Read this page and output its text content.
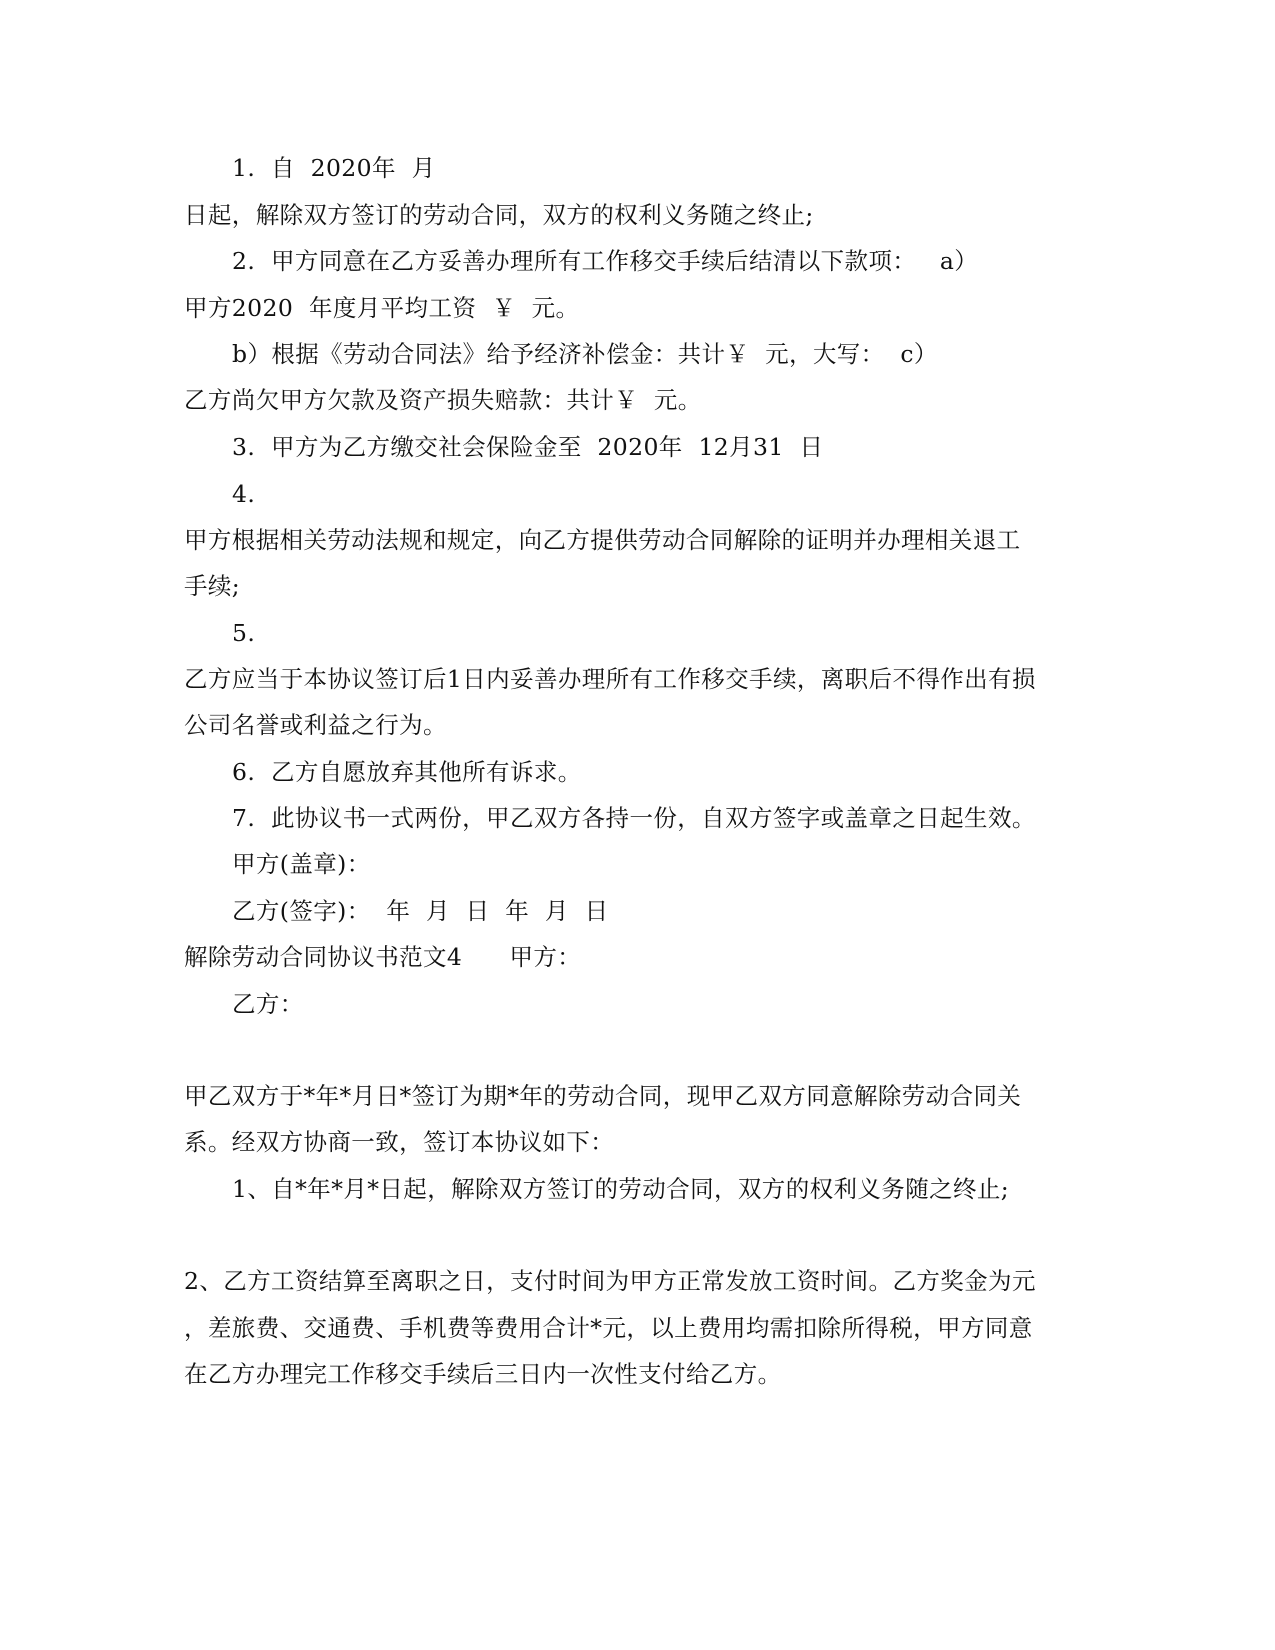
1.  自  2020年  月
日起，解除双方签订的劳动合同，双方的权利义务随之终止;
2.  甲方同意在乙方妥善办理所有工作移交手续后结清以下款项：   a）
甲方2020  年度月平均工资  ￥  元。
b）根据《劳动合同法》给予经济补偿金：共计￥  元，大写：  c）
乙方尚欠甲方欠款及资产损失赔款：共计￥  元。
3.  甲方为乙方缴交社会保险金至  2020年  12月31  日
4.
甲方根据相关劳动法规和规定，向乙方提供劳动合同解除的证明并办理相关退工
手续;
5.
乙方应当于本协议签订后1日内妥善办理所有工作移交手续，离职后不得作出有损
公司名誉或利益之行为。
6.  乙方自愿放弃其他所有诉求。
7.  此协议书一式两份，甲乙双方各持一份，自双方签字或盖章之日起生效。
甲方(盖章)：
乙方(签字)：  年  月  日  年  月  日
解除劳动合同协议书范文4      甲方：
乙方：
甲乙双方于*年*月日*签订为期*年的劳动合同，现甲乙双方同意解除劳动合同关
系。经双方协商一致，签订本协议如下：
1、自*年*月*日起，解除双方签订的劳动合同，双方的权利义务随之终止;
2、乙方工资结算至离职之日，支付时间为甲方正常发放工资时间。乙方奖金为元
，差旅费、交通费、手机费等费用合计*元，以上费用均需扣除所得税，甲方同意
在乙方办理完工作移交手续后三日内一次性支付给乙方。
